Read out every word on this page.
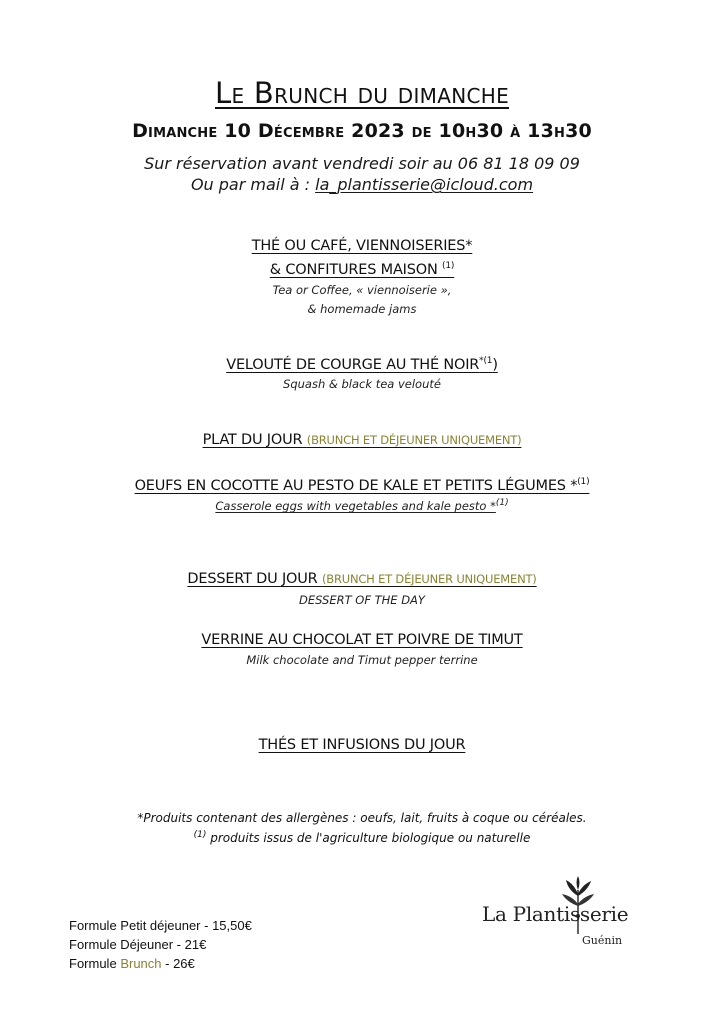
Le Brunch du dimanche
Dimanche 10 Décembre 2023 de 10h30 à 13h30
Sur réservation avant vendredi soir au 06 81 18 09 09
Ou par mail à : la_plantisserie@icloud.com
THÉ OU CAFÉ, VIENNOISERIES*
& CONFITURES MAISON $^{(1)}$
Tea or Coffee, « viennoiserie »,
& homemade jams
VELOUTÉ DE COURGE AU THÉ NOIR$^{*(1}$)
Squash & black tea velouté
PLAT DU JOUR (BRUNCH ET DÉJEUNER UNIQUEMENT)
OEUFS EN COCOTTE AU PESTO DE KALE ET PETITS LÉGUMES *$^{(1)}$
Casserole eggs with vegetables and kale pesto *$^{(1)}$
DESSERT DU JOUR (BRUNCH ET DÉJEUNER UNIQUEMENT)
DESSERT OF THE DAY
VERRINE AU CHOCOLAT ET POIVRE DE TIMUT
Milk chocolate and Timut pepper terrine
THÉS ET INFUSIONS DU JOUR
*Produits contenant des allergènes : oeufs, lait, fruits à coque ou céréales.
$^{(1)}$ produits issus de l'agriculture biologique ou naturelle
Formule Petit déjeuner - 15,50€
Formule Déjeuner - 21€
Formule Brunch - 26€
La Plantisserie
Guénin
